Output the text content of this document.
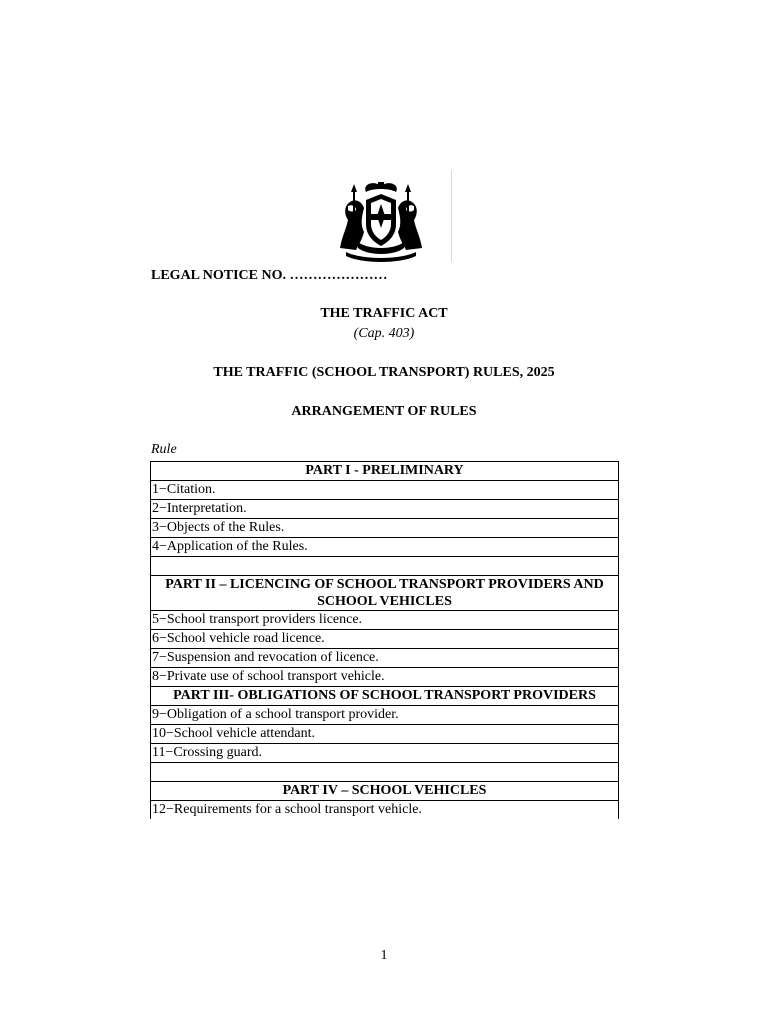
LEGAL NOTICE NO. …………………
THE TRAFFIC ACT
(Cap. 403)
THE TRAFFIC (SCHOOL TRANSPORT) RULES, 2025
ARRANGEMENT OF RULES
Rule
PART I - PRELIMINARY
1−Citation.
2−Interpretation.
3−Objects of the Rules.
4−Application of the Rules.

PART II – LICENCING OF SCHOOL TRANSPORT PROVIDERS AND SCHOOL VEHICLES
5−School transport providers licence.
6−School vehicle road licence.
7−Suspension and revocation of licence.
8−Private use of school transport vehicle.
PART III- OBLIGATIONS OF SCHOOL TRANSPORT PROVIDERS
9−Obligation of a school transport provider.
10−School vehicle attendant.
11−Crossing guard.

PART IV – SCHOOL VEHICLES
12−Requirements for a school transport vehicle.
1
